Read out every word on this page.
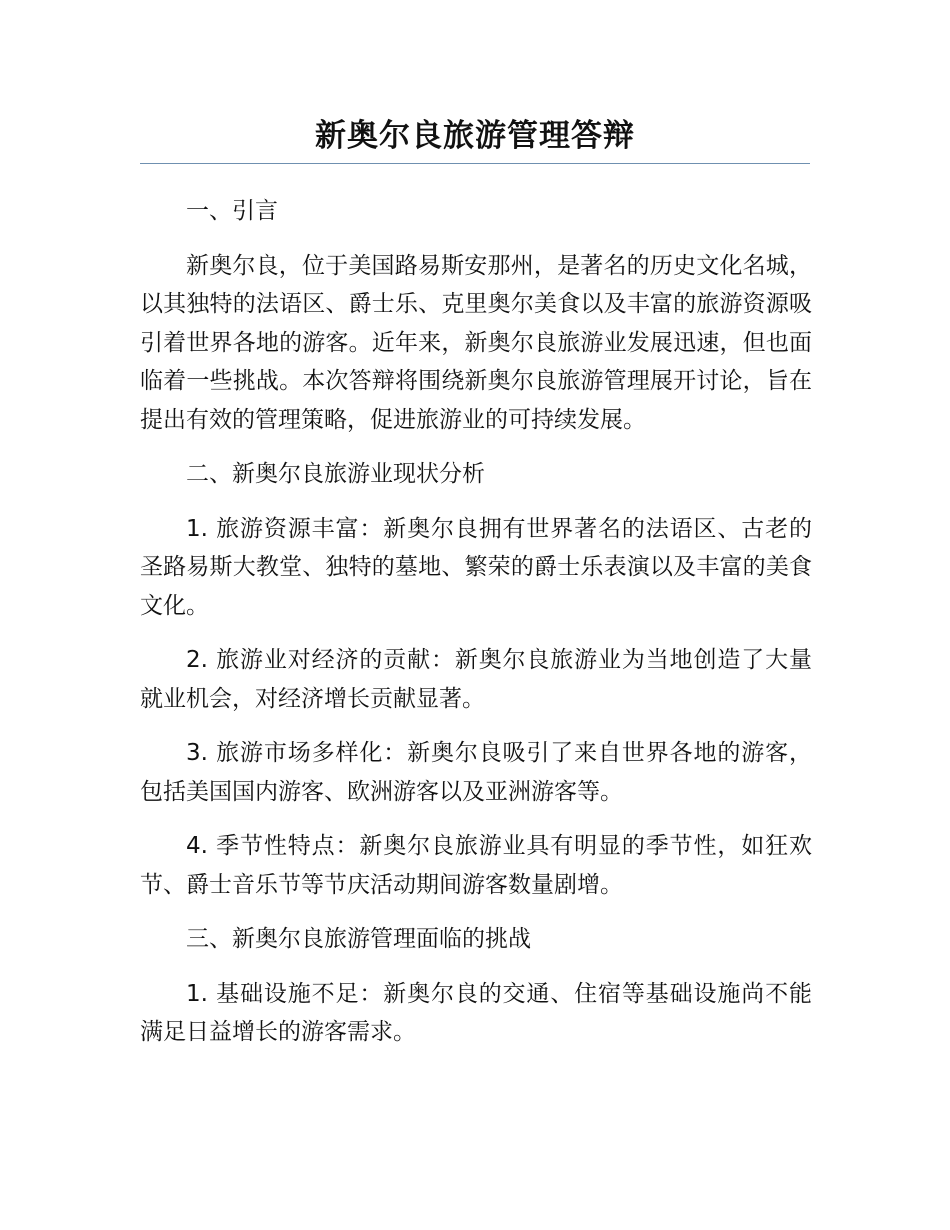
新奥尔良旅游管理答辩

一、引言

新奥尔良，位于美国路易斯安那州，是著名的历史文化名城，以其独特的法语区、爵士乐、克里奥尔美食以及丰富的旅游资源吸引着世界各地的游客。近年来，新奥尔良旅游业发展迅速，但也面临着一些挑战。本次答辩将围绕新奥尔良旅游管理展开讨论，旨在提出有效的管理策略，促进旅游业的可持续发展。

二、新奥尔良旅游业现状分析

1. 旅游资源丰富：新奥尔良拥有世界著名的法语区、古老的圣路易斯大教堂、独特的墓地、繁荣的爵士乐表演以及丰富的美食文化。

2. 旅游业对经济的贡献：新奥尔良旅游业为当地创造了大量就业机会，对经济增长贡献显著。

3. 旅游市场多样化：新奥尔良吸引了来自世界各地的游客，包括美国国内游客、欧洲游客以及亚洲游客等。

4. 季节性特点：新奥尔良旅游业具有明显的季节性，如狂欢节、爵士音乐节等节庆活动期间游客数量剧增。

三、新奥尔良旅游管理面临的挑战

1. 基础设施不足：新奥尔良的交通、住宿等基础设施尚不能满足日益增长的游客需求。
